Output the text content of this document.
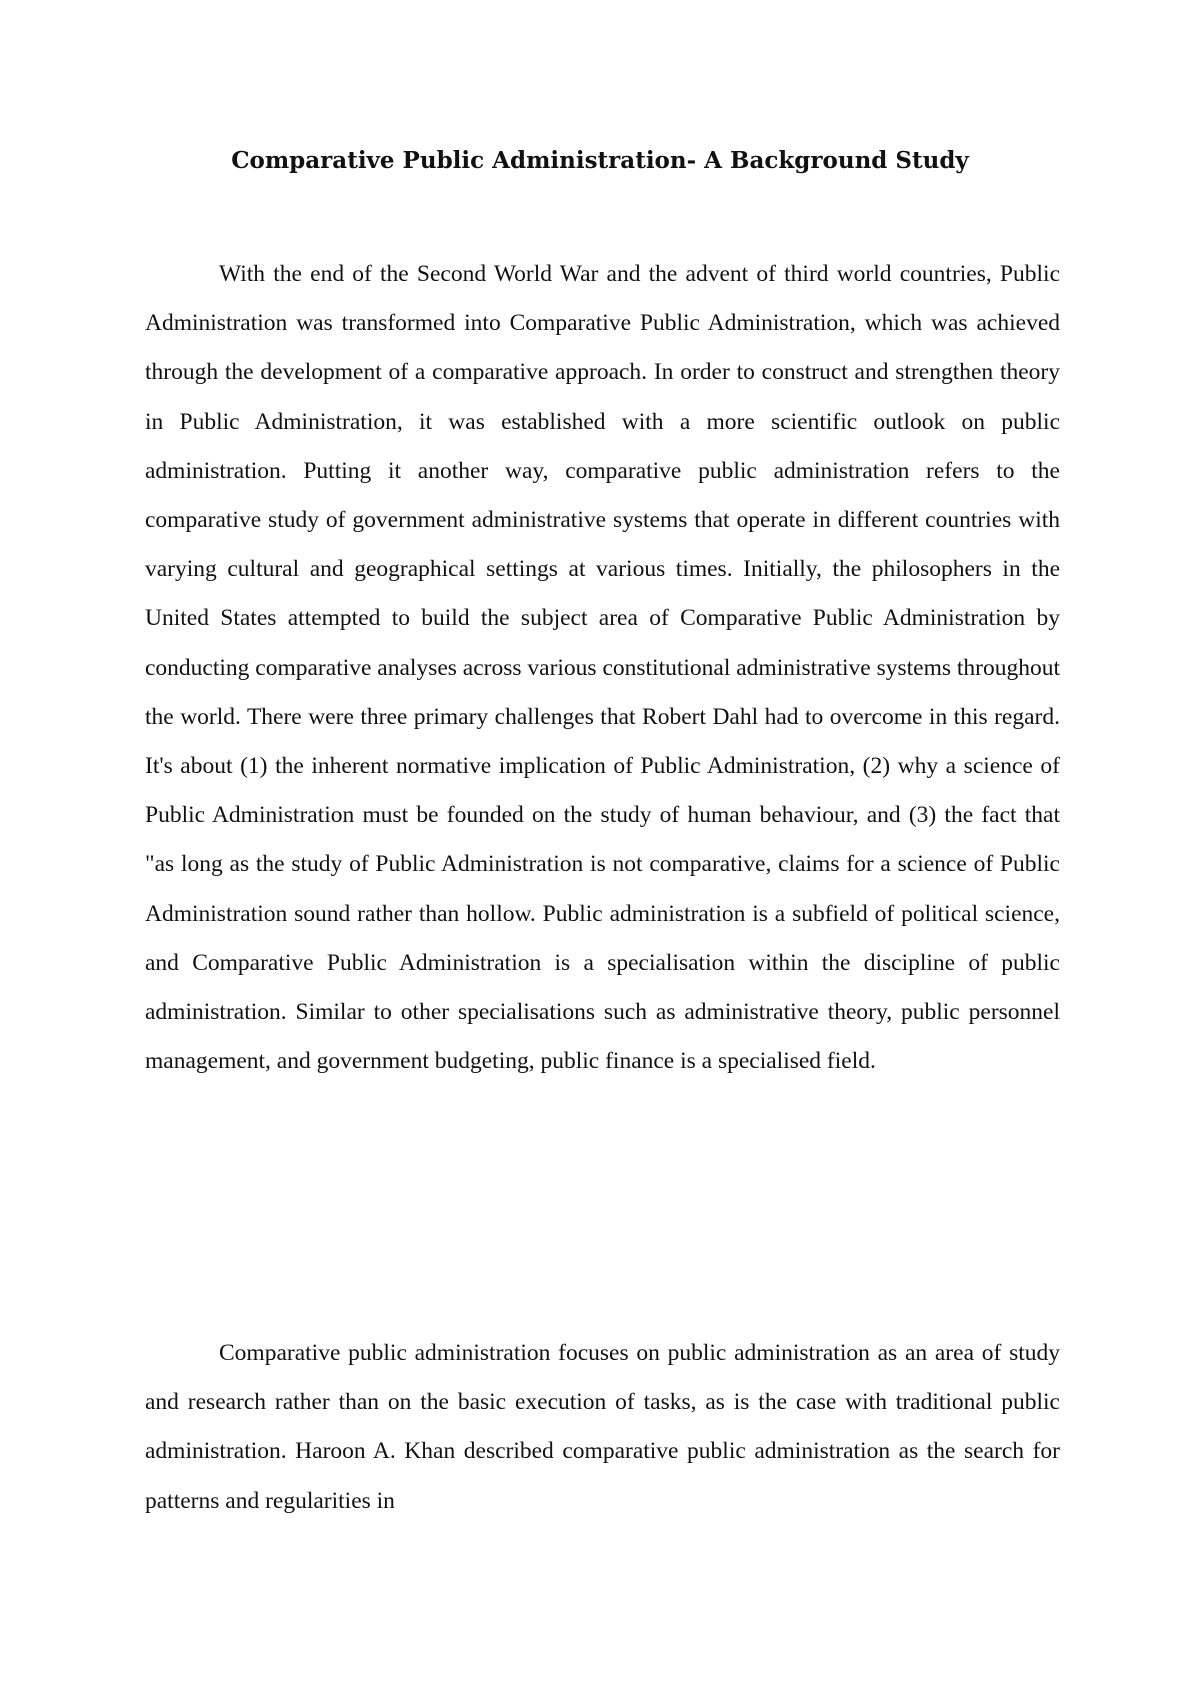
Comparative Public Administration- A Background Study

With the end of the Second World War and the advent of third world countries, Public Administration was transformed into Comparative Public Administration, which was achieved through the development of a comparative approach. In order to construct and strengthen theory in Public Administration, it was established with a more scientific outlook on public administration. Putting it another way, comparative public administration refers to the comparative study of government administrative systems that operate in different countries with varying cultural and geographical settings at various times. Initially, the philosophers in the United States attempted to build the subject area of Comparative Public Administration by conducting comparative analyses across various constitutional administrative systems throughout the world. There were three primary challenges that Robert Dahl had to overcome in this regard. It's about (1) the inherent normative implication of Public Administration, (2) why a science of Public Administration must be founded on the study of human behaviour, and (3) the fact that "as long as the study of Public Administration is not comparative, claims for a science of Public Administration sound rather than hollow. Public administration is a subfield of political science, and Comparative Public Administration is a specialisation within the discipline of public administration. Similar to other specialisations such as administrative theory, public personnel management, and government budgeting, public finance is a specialised field.

Comparative public administration focuses on public administration as an area of study and research rather than on the basic execution of tasks, as is the case with traditional public administration. Haroon A. Khan described comparative public administration as the search for patterns and regularities in
